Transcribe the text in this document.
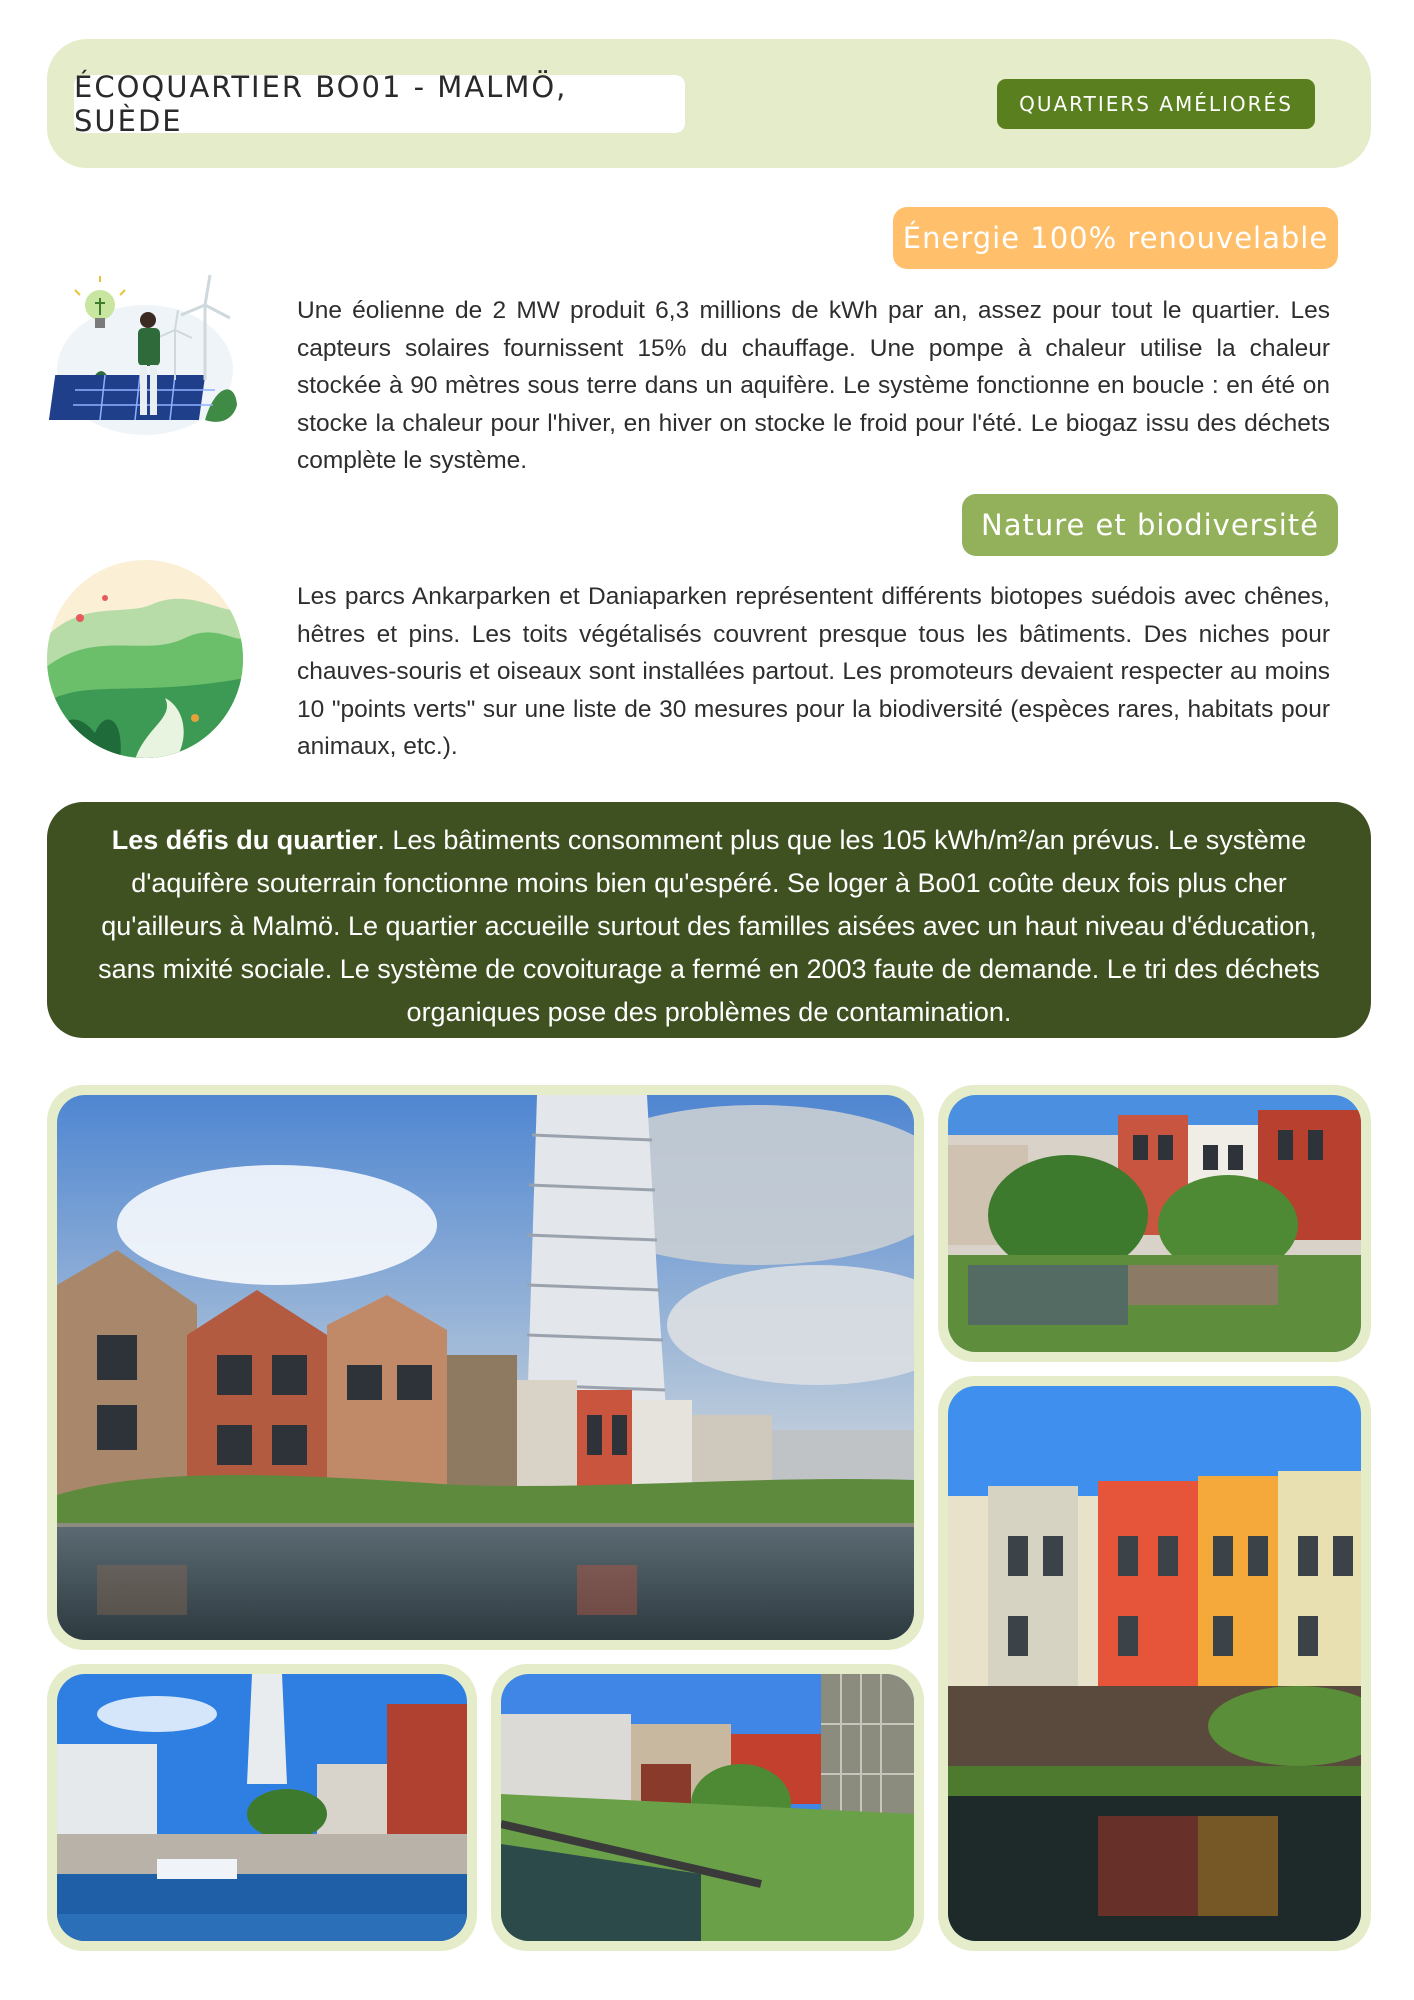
ÉCOQUARTIER BO01 - MALMÖ, SUÈDE	QUARTIERS AMÉLIORÉS
Énergie 100% renouvelable

Une éolienne de 2 MW produit 6,3 millions de kWh par an, assez pour tout le quartier. Les capteurs solaires fournissent 15% du chauffage. Une pompe à chaleur utilise la chaleur stockée à 90 mètres sous terre dans un aquifère. Le système fonctionne en boucle : en été on stocke la chaleur pour l'hiver, en hiver on stocke le froid pour l'été. Le biogaz issu des déchets complète le système.

Nature et biodiversité

Les parcs Ankarparken et Daniaparken représentent différents biotopes suédois avec chênes, hêtres et pins. Les toits végétalisés couvrent presque tous les bâtiments. Des niches pour chauves-souris et oiseaux sont installées partout. Les promoteurs devaient respecter au moins 10 "points verts" sur une liste de 30 mesures pour la biodiversité (espèces rares, habitats pour animaux, etc.).

Les défis du quartier. Les bâtiments consomment plus que les 105 kWh/m²/an prévus. Le système d'aquifère souterrain fonctionne moins bien qu'espéré. Se loger à Bo01 coûte deux fois plus cher qu'ailleurs à Malmö. Le quartier accueille surtout des familles aisées avec un haut niveau d'éducation, sans mixité sociale. Le système de covoiturage a fermé en 2003 faute de demande. Le tri des déchets organiques pose des problèmes de contamination.
